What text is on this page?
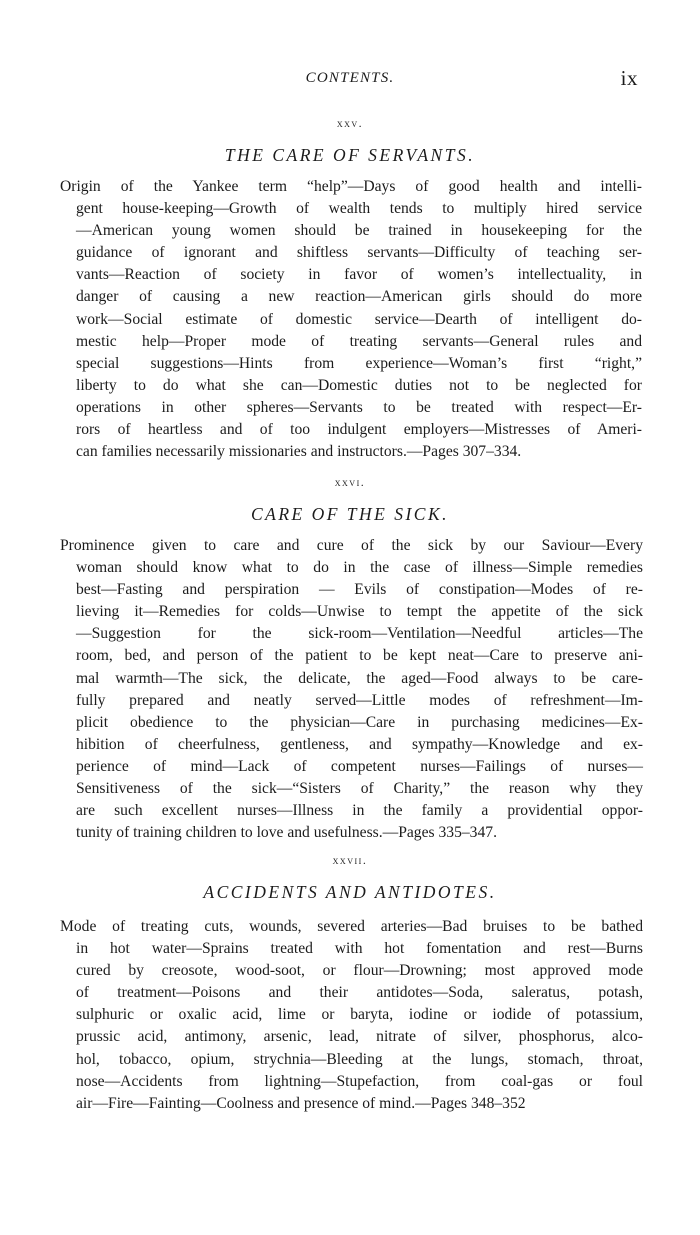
CONTENTS.	ix
xxv.
THE CARE OF SERVANTS.
Origin of the Yankee term “help”—Days of good health and intelli-
gent house-keeping—Growth of wealth tends to multiply hired service
—American young women should be trained in housekeeping for the
guidance of ignorant and shiftless servants—Difficulty of teaching ser-
vants—Reaction of society in favor of women’s intellectuality, in
danger of causing a new reaction—American girls should do more
work—Social estimate of domestic service—Dearth of intelligent do-
mestic help—Proper mode of treating servants—General rules and
special suggestions—Hints from experience—Woman’s first “right,”
liberty to do what she can—Domestic duties not to be neglected for
operations in other spheres—Servants to be treated with respect—Er-
rors of heartless and of too indulgent employers—Mistresses of Ameri-
can families necessarily missionaries and instructors.—Pages 307–334.
xxvi.
CARE OF THE SICK.
Prominence given to care and cure of the sick by our Saviour—Every
woman should know what to do in the case of illness—Simple remedies
best—Fasting and perspiration — Evils of constipation—Modes of re-
lieving it—Remedies for colds—Unwise to tempt the appetite of the sick
—Suggestion for the sick-room—Ventilation—Needful articles—The
room, bed, and person of the patient to be kept neat—Care to preserve ani-
mal warmth—The sick, the delicate, the aged—Food always to be care-
fully prepared and neatly served—Little modes of refreshment—Im-
plicit obedience to the physician—Care in purchasing medicines—Ex-
hibition of cheerfulness, gentleness, and sympathy—Knowledge and ex-
perience of mind—Lack of competent nurses—Failings of nurses—
Sensitiveness of the sick—“Sisters of Charity,” the reason why they
are such excellent nurses—Illness in the family a providential oppor-
tunity of training children to love and usefulness.—Pages 335–347.
xxvii.
ACCIDENTS AND ANTIDOTES.
Mode of treating cuts, wounds, severed arteries—Bad bruises to be bathed
in hot water—Sprains treated with hot fomentation and rest—Burns
cured by creosote, wood-soot, or flour—Drowning; most approved mode
of treatment—Poisons and their antidotes—Soda, saleratus, potash,
sulphuric or oxalic acid, lime or baryta, iodine or iodide of potassium,
prussic acid, antimony, arsenic, lead, nitrate of silver, phosphorus, alco-
hol, tobacco, opium, strychnia—Bleeding at the lungs, stomach, throat,
nose—Accidents from lightning—Stupefaction, from coal-gas or foul
air—Fire—Fainting—Coolness and presence of mind.—Pages 348–352
